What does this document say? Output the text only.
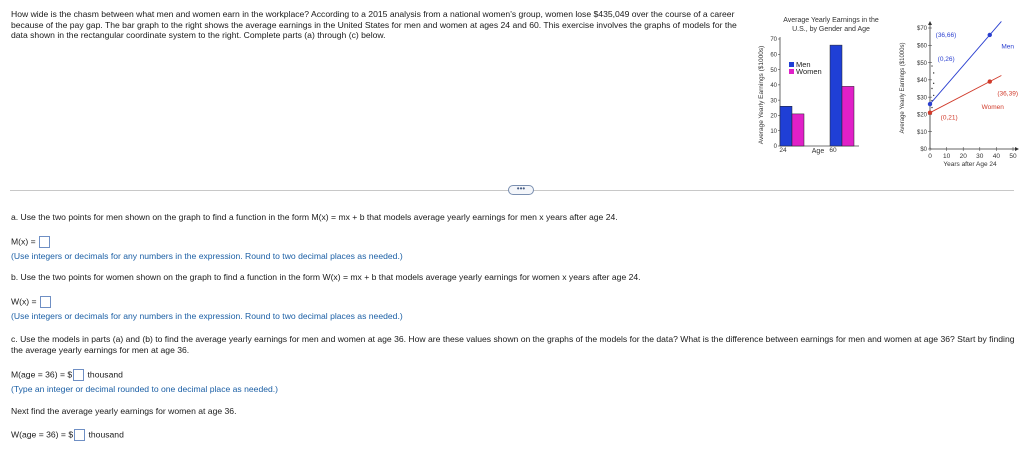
How wide is the chasm between what men and women earn in the workplace? According to a 2015 analysis from a national women's group, women lose $435,049 over the course of a career because of the pay gap. The bar graph to the right shows the average earnings in the United States for men and women at ages 24 and 60. This exercise involves the graphs of models for the data shown in the rectangular coordinate system to the right. Complete parts (a) through (c) below.

Average Yearly Earnings in the
U.S., by Gender and Age
Average Yearly Earnings ($1000s)
0
10
20
30
40
50
60
70
24	60
Men
Women
Age
Average Yearly Earnings ($1000s)
$0
$10
$20
$30
$40
$50
$60
$70
0 10 20 30 40 50
(36,66)
(0,26)
Men
(36,39)
(0,21)
Women
Years after Age 24
•••
a. Use the two points for men shown on the graph to find a function in the form M(x) = mx + b that models average yearly earnings for men x years after age 24.
M(x) =
(Use integers or decimals for any numbers in the expression. Round to two decimal places as needed.)
b. Use the two points for women shown on the graph to find a function in the form W(x) = mx + b that models average yearly earnings for women x years after age 24.
W(x) =
(Use integers or decimals for any numbers in the expression. Round to two decimal places as needed.)
c. Use the models in parts (a) and (b) to find the average yearly earnings for men and women at age 36. How are these values shown on the graphs of the models for the data? What is the difference between earnings for men and women at age 36? Start by finding the average yearly earnings for men at age 36.
M(age = 36) = $ thousand
(Type an integer or decimal rounded to one decimal place as needed.)
Next find the average yearly earnings for women at age 36.
W(age = 36) = $ thousand
